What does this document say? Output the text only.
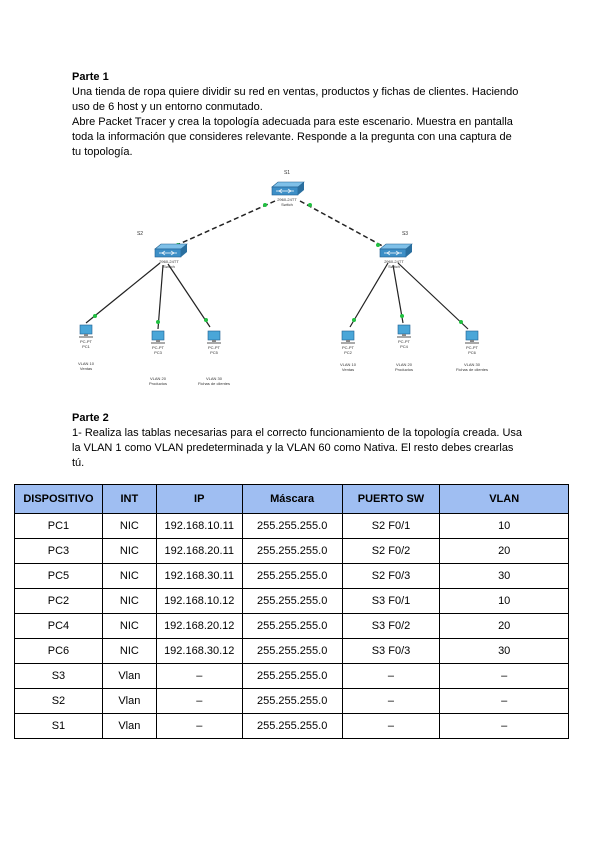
Parte 1

Una tienda de ropa quiere dividir su red en ventas, productos y fichas de clientes. Haciendo

uso de 6 host y un entorno conmutado.

Abre Packet Tracer y crea la topología adecuada para este escenario. Muestra en pantalla

toda la información que consideres relevante. Responde a la pregunta con una captura de

tu topología.

S1
2960-24TT
Switch
S2
2960-24TT
Switch
S3
2960-24TT
Switch
PC-PT
PC1
VLAN 10
Ventas
PC-PT
PC3
VLAN 20
Productos
PC-PT
PC5
VLAN 30
Fichas de clientes
PC-PT
PC2
VLAN 10
Ventas
PC-PT
PC4
VLAN 20
Productos
PC-PT
PC6
VLAN 30
Fichas de clientes
Parte 2

1- Realiza las tablas necesarias para el correcto funcionamiento de la topología creada. Usa

la VLAN 1 como VLAN predeterminada y la VLAN 60 como Nativa. El resto debes crearlas

tú.

DISPOSITIVO	INT	IP	Máscara	PUERTO SW	VLAN
PC1	NIC	192.168.10.11	255.255.255.0	S2 F0/1	10
PC3	NIC	192.168.20.11	255.255.255.0	S2 F0/2	20
PC5	NIC	192.168.30.11	255.255.255.0	S2 F0/3	30
PC2	NIC	192.168.10.12	255.255.255.0	S3 F0/1	10
PC4	NIC	192.168.20.12	255.255.255.0	S3 F0/2	20
PC6	NIC	192.168.30.12	255.255.255.0	S3 F0/3	30
S3	Vlan	–	255.255.255.0	–	–
S2	Vlan	–	255.255.255.0	–	–
S1	Vlan	–	255.255.255.0	–	–
